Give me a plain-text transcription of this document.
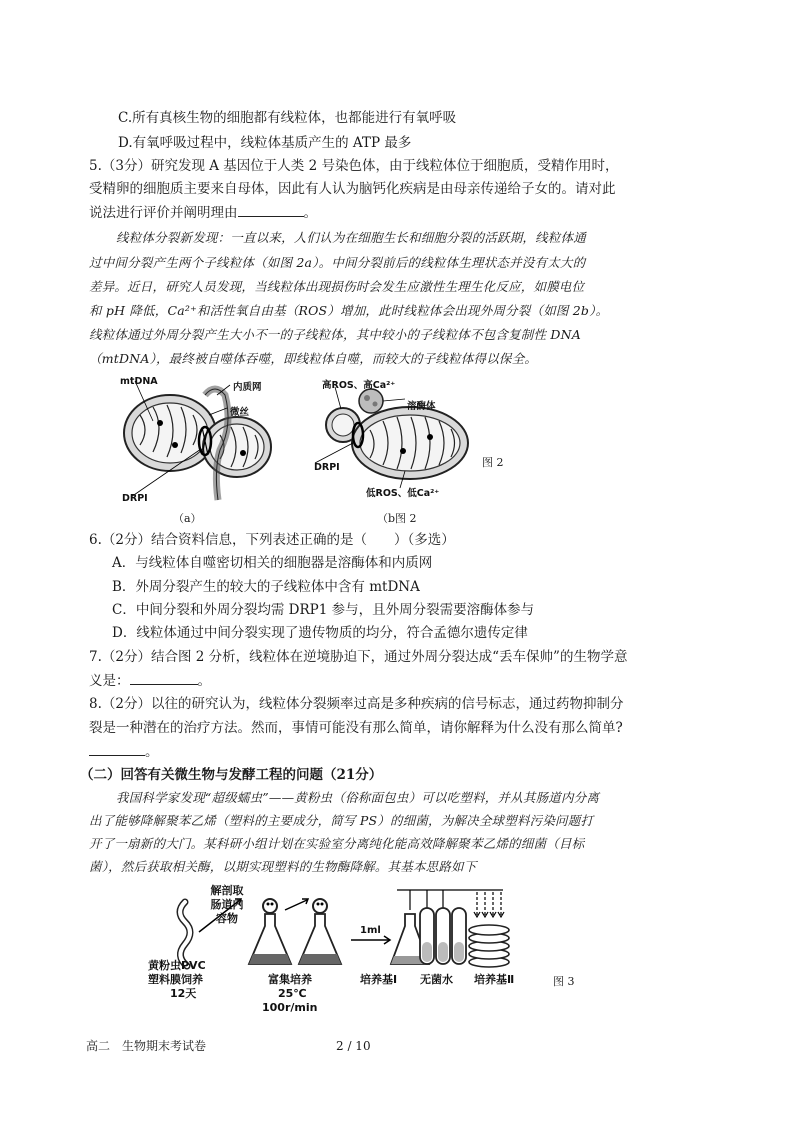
C.所有真核生物的细胞都有线粒体，也都能进行有氧呼吸
D.有氧呼吸过程中，线粒体基质产生的 ATP 最多
5.（3分）研究发现 A 基因位于人类 2 号染色体，由于线粒体位于细胞质，受精作用时，
受精卵的细胞质主要来自母体，因此有人认为脑钙化疾病是由母亲传递给子女的。请对此
说法进行评价并阐明理由	。
线粒体分裂新发现：一直以来，人们认为在细胞生长和细胞分裂的活跃期，线粒体通
过中间分裂产生两个子线粒体（如图 2a）。中间分裂前后的线粒体生理状态并没有太大的
差异。近日，研究人员发现，当线粒体出现损伤时会发生应激性生理生化反应，如膜电位
和 pH 降低，Ca²⁺和活性氧自由基（ROS）增加，此时线粒体会出现外周分裂（如图 2b）。
线粒体通过外周分裂产生大小不一的子线粒体，其中较小的子线粒体不包含复制性 DNA
（mtDNA），最终被自噬体吞噬，即线粒体自噬，而较大的子线粒体得以保全。
mtDNA
内质网
微丝
DRPI
（a）
高ROS、高Ca²⁺
溶酶体
DRPI
低ROS、低Ca²⁺
（b图 2
图 2
6.（2分）结合资料信息，下列表述正确的是（　　）（多选）
A．与线粒体自噬密切相关的细胞器是溶酶体和内质网
B．外周分裂产生的较大的子线粒体中含有 mtDNA
C．中间分裂和外周分裂均需 DRP1 参与，且外周分裂需要溶酶体参与
D．线粒体通过中间分裂实现了遗传物质的均分，符合孟德尔遗传定律
7.（2分）结合图 2 分析，线粒体在逆境胁迫下，通过外周分裂达成“丢车保帅”的生物学意
义是：	。
8.（2分）以往的研究认为，线粒体分裂频率过高是多种疾病的信号标志，通过药物抑制分
裂是一种潜在的治疗方法。然而，事情可能没有那么简单，请你解释为什么没有那么简单?
。
（二）回答有关微生物与发酵工程的问题（21分）
我国科学家发现“超级蠕虫”——黄粉虫（俗称面包虫）可以吃塑料，并从其肠道内分离
出了能够降解聚苯乙烯（塑料的主要成分，简写 PS）的细菌，为解决全球塑料污染问题打
开了一扇新的大门。某科研小组计划在实验室分离纯化能高效降解聚苯乙烯的细菌（目标
菌），然后获取相关酶，以期实现塑料的生物酶降解。其基本思路如下
解剖取
肠道内
容物
1ml
黄粉虫PVC
塑料膜饲养
12天
富集培养
25℃
100r/min
培养基Ⅰ 无菌水 培养基Ⅱ	图 3
高二　生物期末考试卷	2 / 10
